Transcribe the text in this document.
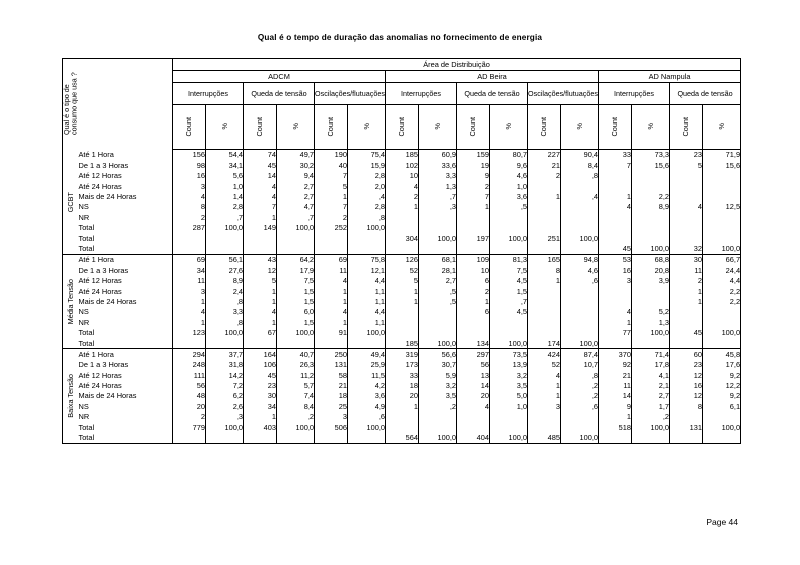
Qual é o tempo de duração das anomalias no fornecimento de energia
Qual é o tipo de consumo que usa ?		Área de Distribuição															
		ADCM						AD Beira						AD Nampula			
		Interrupções		Queda de tensão		Oscilações/flutuações		Interrupções		Queda de tensão		Oscilações/flutuações		Interrupções		Queda de tensão	
		Count	%	Count	%	Count	%	Count	%	Count	%	Count	%	Count	%	Count	%

GCBT	Até 1 Hora	156	54,4	74	49,7	190	75,4	185	60,9	159	80,7	227	90,4	33	73,3	23	71,9
	De 1 a 3 Horas	98	34,1	45	30,2	40	15,9	102	33,6	19	9,6	21	8,4	7	15,6	5	15,6
	Até 12 Horas	16	5,6	14	9,4	7	2,8	10	3,3	9	4,6	2	,8				
	Até 24 Horas	3	1,0	4	2,7	5	2,0	4	1,3	2	1,0						
	Mais de 24 Horas	4	1,4	4	2,7	1	,4	2	,7	7	3,6	1	,4	1	2,2		
	NS	8	2,8	7	4,7	7	2,8	1	,3	1	,5			4	8,9	4	12,5
	NR	2	,7	1	,7	2	,8										
	Total	287	100,0	149	100,0	252	100,0										
	Total							304	100,0	197	100,0	251	100,0				
	Total													45	100,0	32	100,0

Média Tensão	Até 1 Hora	69	56,1	43	64,2	69	75,8	126	68,1	109	81,3	165	94,8	53	68,8	30	66,7
	De 1 a 3 Horas	34	27,6	12	17,9	11	12,1	52	28,1	10	7,5	8	4,6	16	20,8	11	24,4
	Até 12 Horas	11	8,9	5	7,5	4	4,4	5	2,7	6	4,5	1	,6	3	3,9	2	4,4
	Até 24 Horas	3	2,4	1	1,5	1	1,1	1	,5	2	1,5					1	2,2
	Mais de 24 Horas	1	,8	1	1,5	1	1,1	1	,5	1	,7					1	2,2
	NS	4	3,3	4	6,0	4	4,4			6	4,5			4	5,2		
	NR	1	,8	1	1,5	1	1,1							1	1,3		
	Total	123	100,0	67	100,0	91	100,0							77	100,0	45	100,0
	Total							185	100,0	134	100,0	174	100,0				

Baixa Tensão	Até 1 Hora	294	37,7	164	40,7	250	49,4	319	56,6	297	73,5	424	87,4	370	71,4	60	45,8
	De 1 a 3 Horas	248	31,8	106	26,3	131	25,9	173	30,7	56	13,9	52	10,7	92	17,8	23	17,6
	Até 12 Horas	111	14,2	45	11,2	58	11,5	33	5,9	13	3,2	4	,8	21	4,1	12	9,2
	Até 24 Horas	56	7,2	23	5,7	21	4,2	18	3,2	14	3,5	1	,2	11	2,1	16	12,2
	Mais de 24 Horas	48	6,2	30	7,4	18	3,6	20	3,5	20	5,0	1	,2	14	2,7	12	9,2
	NS	20	2,6	34	8,4	25	4,9	1	,2	4	1,0	3	,6	9	1,7	8	6,1
	NR	2	,3	1	,2	3	,6							1	,2		
	Total	779	100,0	403	100,0	506	100,0							518	100,0	131	100,0
	Total							564	100,0	404	100,0	485	100,0				
Page 44
